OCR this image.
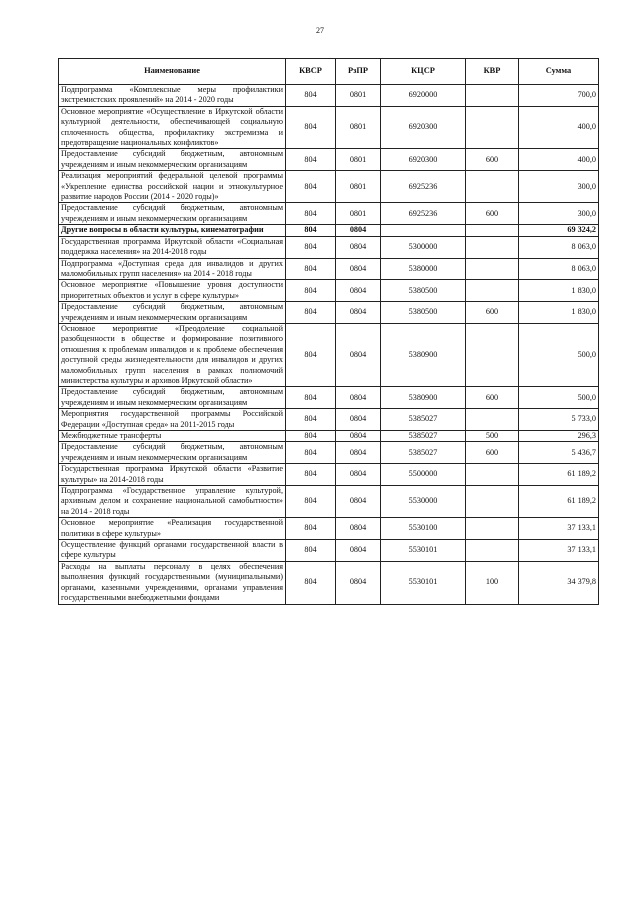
27
Наименование	КВСР	РзПР	КЦСР	КВР	Сумма
Подпрограмма «Комплексные меры профилактики экстремистских проявлений» на 2014 - 2020 годы	804	0801	6920000		700,0
Основное мероприятие «Осуществление в Иркутской области культурной деятельности, обеспечивающей социальную сплоченность общества, профилактику экстремизма и предотвращение национальных конфликтов»	804	0801	6920300		400,0
Предоставление субсидий бюджетным, автономным учреждениям и иным некоммерческим организациям	804	0801	6920300	600	400,0
Реализация мероприятий федеральной целевой программы «Укрепление единства российской нации и этнокультурное развитие народов России (2014 - 2020 годы)»	804	0801	6925236		300,0
Предоставление субсидий бюджетным, автономным учреждениям и иным некоммерческим организациям	804	0801	6925236	600	300,0
Другие вопросы в области культуры, кинематографии	804	0804			69 324,2
Государственная программа Иркутской области «Социальная поддержка населения» на 2014-2018 годы	804	0804	5300000		8 063,0
Подпрограмма «Доступная среда для инвалидов и других маломобильных групп населения» на 2014 - 2018 годы	804	0804	5380000		8 063,0
Основное мероприятие «Повышение уровня доступности приоритетных объектов и услуг в сфере культуры»	804	0804	5380500		1 830,0
Предоставление субсидий бюджетным, автономным учреждениям и иным некоммерческим организациям	804	0804	5380500	600	1 830,0
Основное мероприятие «Преодоление социальной разобщенности в обществе и формирование позитивного отношения к проблемам инвалидов и к проблеме обеспечения доступной среды жизнедеятельности для инвалидов и других маломобильных групп населения в рамках полномочий министерства культуры и архивов Иркутской области»	804	0804	5380900		500,0
Предоставление субсидий бюджетным, автономным учреждениям и иным некоммерческим организациям	804	0804	5380900	600	500,0
Мероприятия государственной программы Российской Федерации «Доступная среда» на 2011-2015 годы	804	0804	5385027		5 733,0
Межбюджетные трансферты	804	0804	5385027	500	296,3
Предоставление субсидий бюджетным, автономным учреждениям и иным некоммерческим организациям	804	0804	5385027	600	5 436,7
Государственная программа Иркутской области «Развитие культуры» на 2014-2018 годы	804	0804	5500000		61 189,2
Подпрограмма «Государственное управление культурой, архивным делом и сохранение национальной самобытности» на 2014 - 2018 годы	804	0804	5530000		61 189,2
Основное мероприятие «Реализация государственной политики в сфере культуры»	804	0804	5530100		37 133,1
Осуществление функций органами государственной власти в сфере культуры	804	0804	5530101		37 133,1
Расходы на выплаты персоналу в целях обеспечения выполнения функций государственными (муниципальными) органами, казенными учреждениями, органами управления государственными внебюджетными фондами	804	0804	5530101	100	34 379,8
